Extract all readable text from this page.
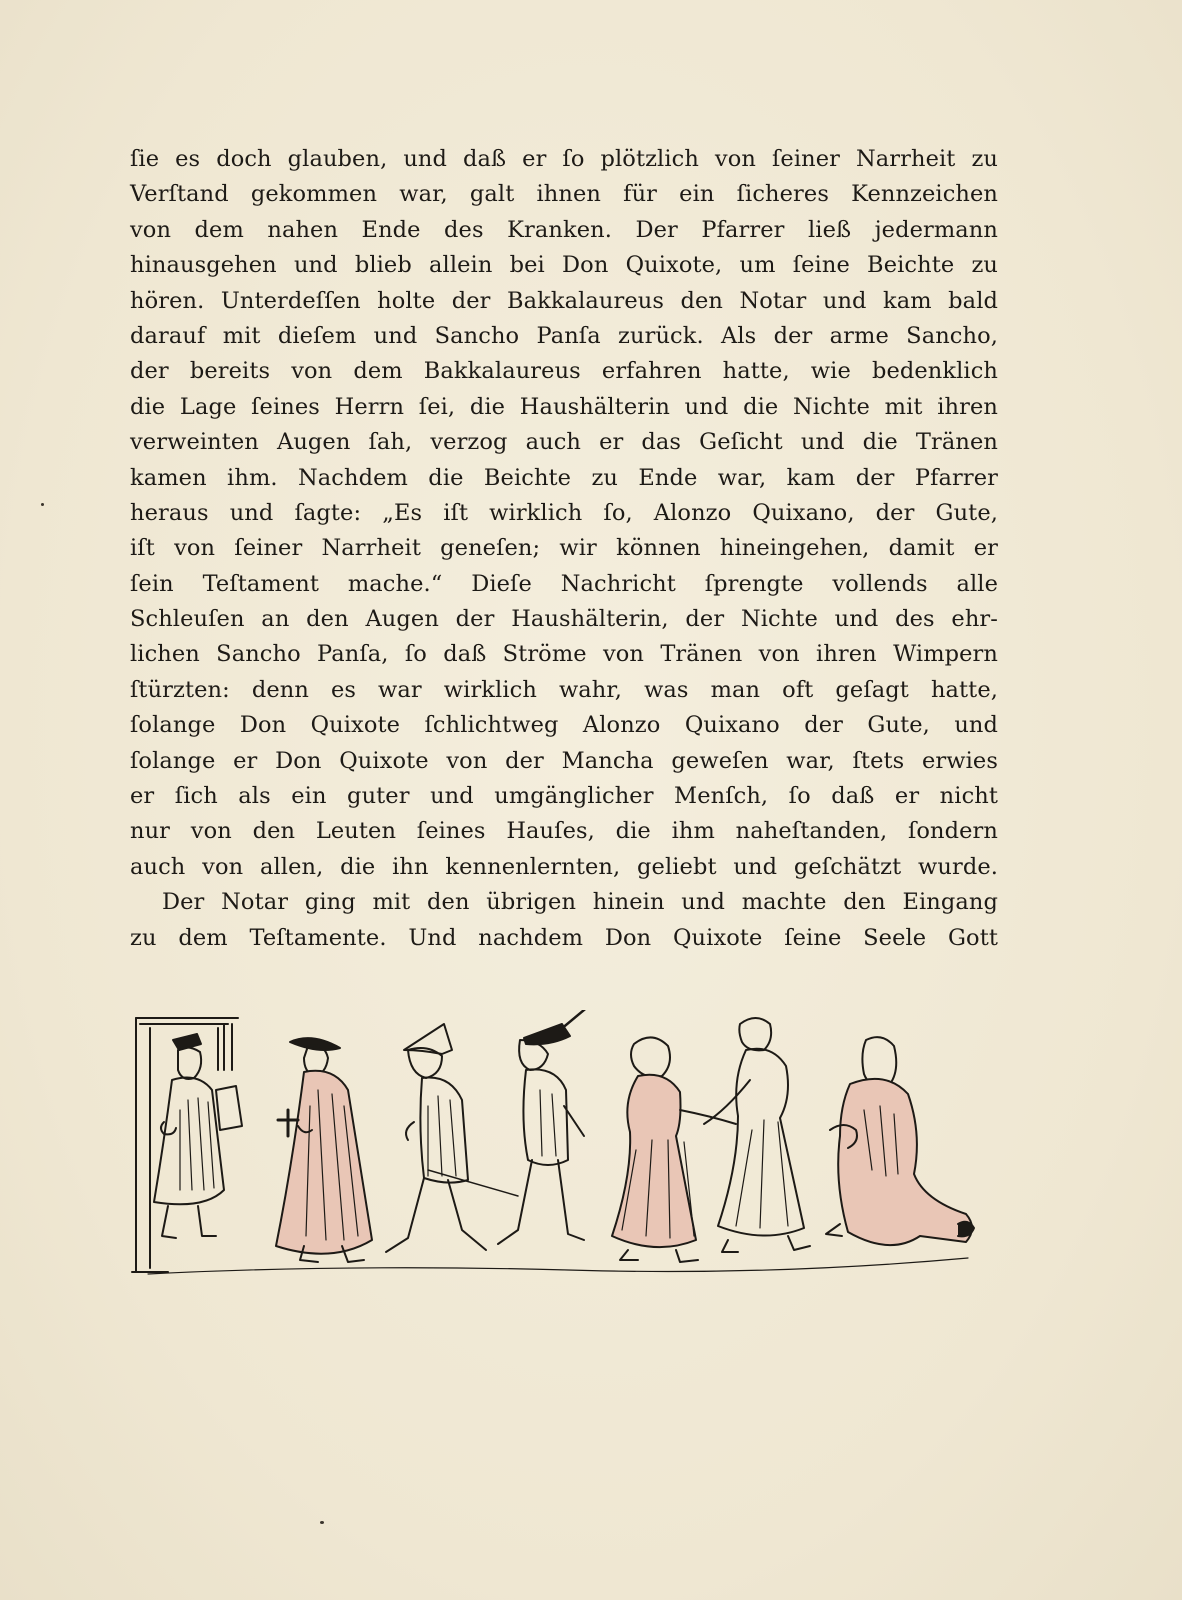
ſie es doch glauben, und daß er ſo plötzlich von ſeiner Narrheit zu
Verſtand gekommen war, galt ihnen für ein ſicheres Kennzeichen
von dem nahen Ende des Kranken. Der Pfarrer ließ jedermann
hinausgehen und blieb allein bei Don Quixote, um ſeine Beichte zu
hören. Unterdeſſen holte der Bakkalaureus den Notar und kam bald
darauf mit dieſem und Sancho Panſa zurück. Als der arme Sancho,
der bereits von dem Bakkalaureus erfahren hatte, wie bedenklich
die Lage ſeines Herrn ſei, die Haushälterin und die Nichte mit ihren
verweinten Augen ſah, verzog auch er das Geſicht und die Tränen
kamen ihm. Nachdem die Beichte zu Ende war, kam der Pfarrer
heraus und ſagte: „Es iſt wirklich ſo, Alonzo Quixano, der Gute,
iſt von ſeiner Narrheit geneſen; wir können hineingehen, damit er
ſein Teſtament mache.“ Dieſe Nachricht ſprengte vollends alle
Schleuſen an den Augen der Haushälterin, der Nichte und des ehr-
lichen Sancho Panſa, ſo daß Ströme von Tränen von ihren Wimpern
ſtürzten: denn es war wirklich wahr, was man oft geſagt hatte,
ſolange Don Quixote ſchlichtweg Alonzo Quixano der Gute, und
ſolange er Don Quixote von der Mancha geweſen war, ſtets erwies
er ſich als ein guter und umgänglicher Menſch, ſo daß er nicht
nur von den Leuten ſeines Hauſes, die ihm naheſtanden, ſondern
auch von allen, die ihn kennenlernten, geliebt und geſchätzt wurde.
Der Notar ging mit den übrigen hinein und machte den Eingang
zu dem Teſtamente. Und nachdem Don Quixote ſeine Seele Gott
